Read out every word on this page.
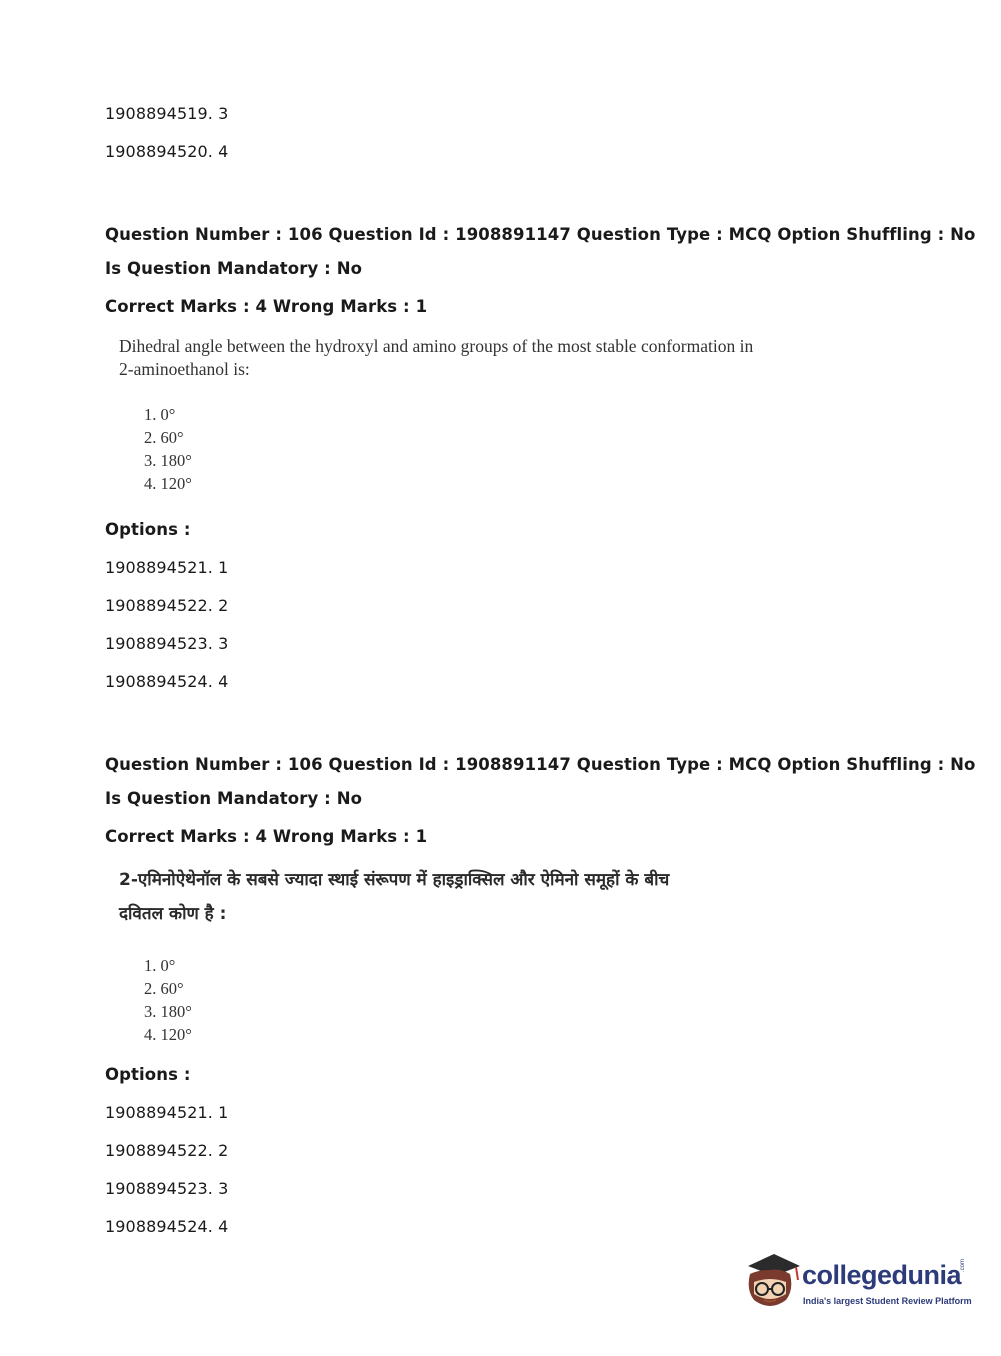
1908894519. 3
1908894520. 4
Question Number : 106 Question Id : 1908891147 Question Type : MCQ Option Shuffling : No
Is Question Mandatory : No
Correct Marks : 4 Wrong Marks : 1
Dihedral angle between the hydroxyl and amino groups of the most stable conformation in
2-aminoethanol is:
1. 0°
2. 60°
3. 180°
4. 120°
Options :
1908894521. 1
1908894522. 2
1908894523. 3
1908894524. 4
Question Number : 106 Question Id : 1908891147 Question Type : MCQ Option Shuffling : No
Is Question Mandatory : No
Correct Marks : 4 Wrong Marks : 1
2-एमिनोऐथेनॉल के सबसे ज्यादा स्थाई संरूपण में हाइड्राक्सिल और ऐमिनो समूहों के बीच
दवितल कोण है :
1. 0°
2. 60°
3. 180°
4. 120°
Options :
1908894521. 1
1908894522. 2
1908894523. 3
1908894524. 4
collegedunia
.com
India's largest Student Review Platform
